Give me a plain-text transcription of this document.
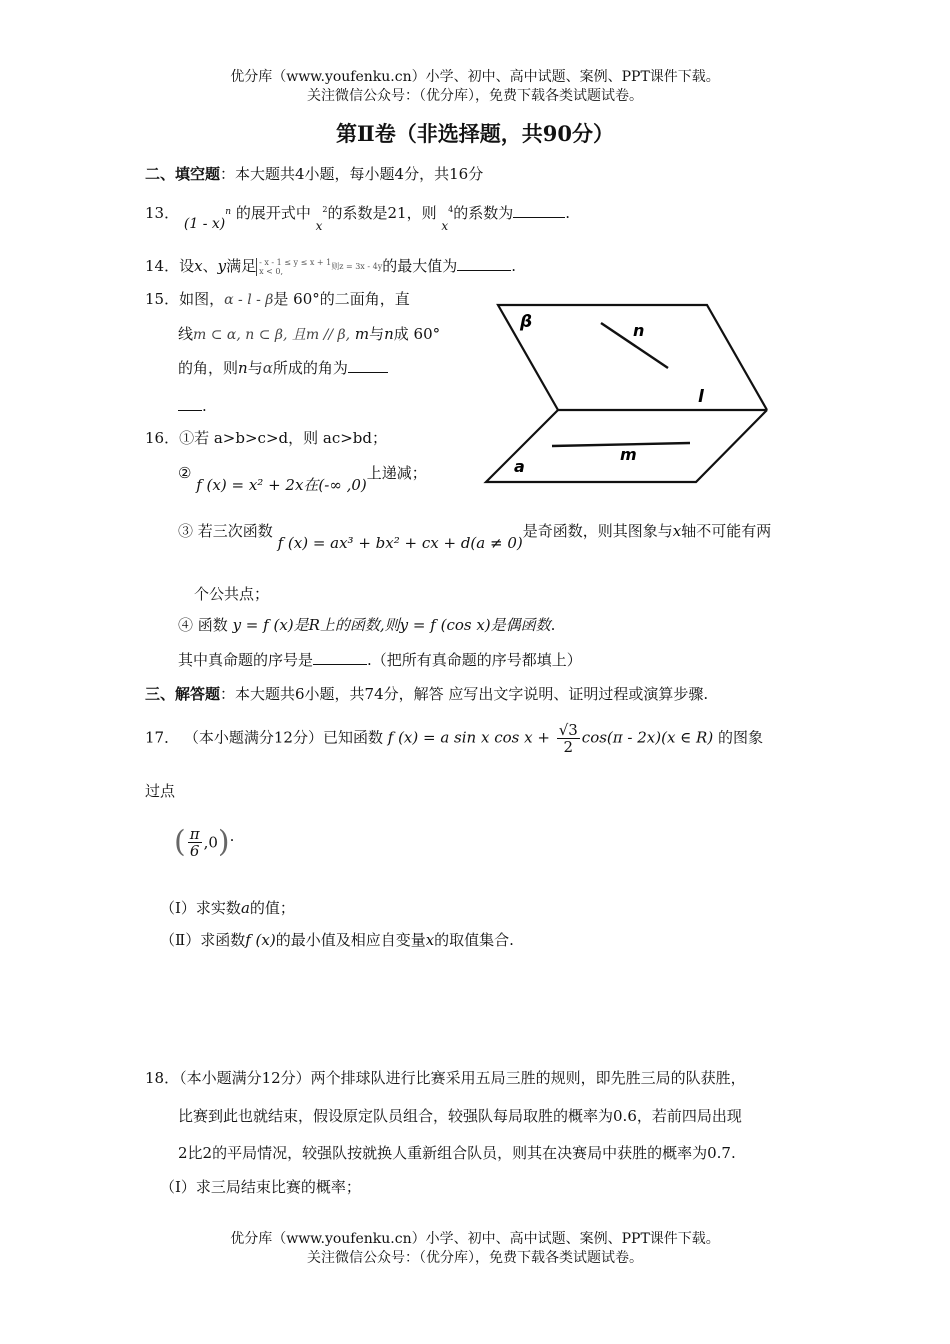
优分库（www.youfenku.cn）小学、初中、高中试题、案例、PPT课件下载。
关注微信公众号：（优分库），免费下载各类试题试卷。
第Ⅱ卷（非选择题，共90分）
二、填空题：本大题共4小题，每小题4分，共16分
13． (1 - x)$^n$ 的展开式中 $_x^2$的系数是21，则 $_x^4$的系数为	.
14．设x、y满足 - x - 1 ≤ y ≤ x + 1
x < 0,
则z = 3x - 4y的最大值为	.
15．如图，α - l - β是 60°的二面角，直
线m ⊂ α, n ⊂ β, 且m // β, m与n成 60°
的角，则n与α所成的角为
.
β	n
l
m
a
16．①若 a>b>c>d，则 ac>bd；
② f (x) = x² + 2x在(-∞ ,0)上递减；
③ 若三次函数 f (x) = ax³ + bx² + cx + d(a ≠ 0)是奇函数，则其图象与x轴不可能有两
个公共点；
④ 函数 y = f (x)是R上的函数,则y = f (cos x)是偶函数.
其中真命题的序号是	.（把所有真命题的序号都填上）
三、解答题：本大题共6小题，共74分，解答 应写出文字说明、证明过程或演算步骤.
17． （本小题满分12分）已知函数 f (x) = a sin x $\cos x + \frac{√3}{2} \cos(\pi - 2x)(x$ ∈ R) 的图象
过点
( $\frac{\pi}{6} ,0$).
（Ⅰ）求实数a的值；
（Ⅱ）求函数f (x)的最小值及相应自变量x的取值集合.
18．（本小题满分12分）两个排球队进行比赛采用五局三胜的规则，即先胜三局的队获胜，
比赛到此也就结束，假设原定队员组合，较强队每局取胜的概率为0.6，若前四局出现
2比2的平局情况，较强队按就换人重新组合队员，则其在决赛局中获胜的概率为0.7.
（Ⅰ）求三局结束比赛的概率；
优分库（www.youfenku.cn）小学、初中、高中试题、案例、PPT课件下载。
关注微信公众号：（优分库），免费下载各类试题试卷。
